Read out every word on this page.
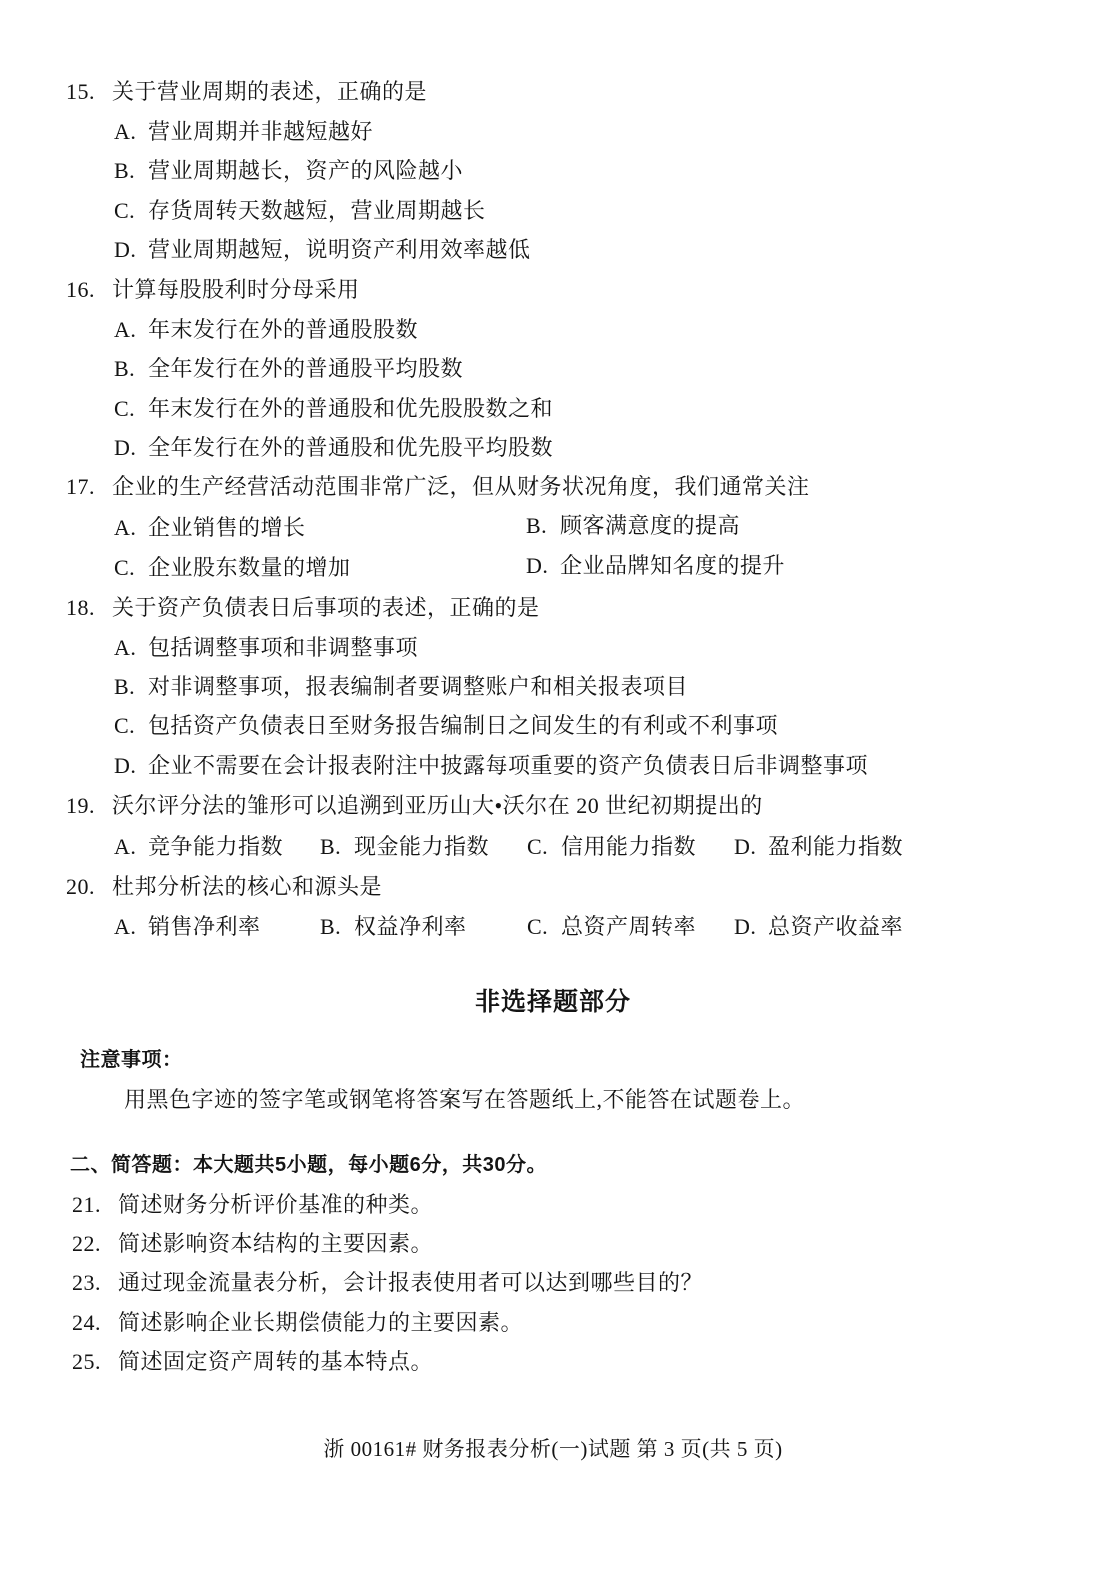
15. 关于营业周期的表述，正确的是
A. 营业周期并非越短越好
B. 营业周期越长，资产的风险越小
C. 存货周转天数越短，营业周期越长
D. 营业周期越短，说明资产利用效率越低
16. 计算每股股利时分母采用
A. 年末发行在外的普通股股数
B. 全年发行在外的普通股平均股数
C. 年末发行在外的普通股和优先股股数之和
D. 全年发行在外的普通股和优先股平均股数
17. 企业的生产经营活动范围非常广泛，但从财务状况角度，我们通常关注
A. 企业销售的增长	B. 顾客满意度的提高
C. 企业股东数量的增加	D. 企业品牌知名度的提升
18. 关于资产负债表日后事项的表述，正确的是
A. 包括调整事项和非调整事项
B. 对非调整事项，报表编制者要调整账户和相关报表项目
C. 包括资产负债表日至财务报告编制日之间发生的有利或不利事项
D. 企业不需要在会计报表附注中披露每项重要的资产负债表日后非调整事项
19. 沃尔评分法的雏形可以追溯到亚历山大•沃尔在 20 世纪初期提出的
A. 竞争能力指数 B. 现金能力指数 C. 信用能力指数 D. 盈利能力指数
20. 杜邦分析法的核心和源头是
A. 销售净利率	B. 权益净利率	C. 总资产周转率 D. 总资产收益率
非选择题部分
注意事项：
用黑色字迹的签字笔或钢笔将答案写在答题纸上,不能答在试题卷上。
二、简答题：本大题共5小题，每小题6分，共30分。
21. 简述财务分析评价基准的种类。
22. 简述影响资本结构的主要因素。
23. 通过现金流量表分析，会计报表使用者可以达到哪些目的？
24. 简述影响企业长期偿债能力的主要因素。
25. 简述固定资产周转的基本特点。
浙 00161# 财务报表分析(一)试题 第 3 页(共 5 页)
